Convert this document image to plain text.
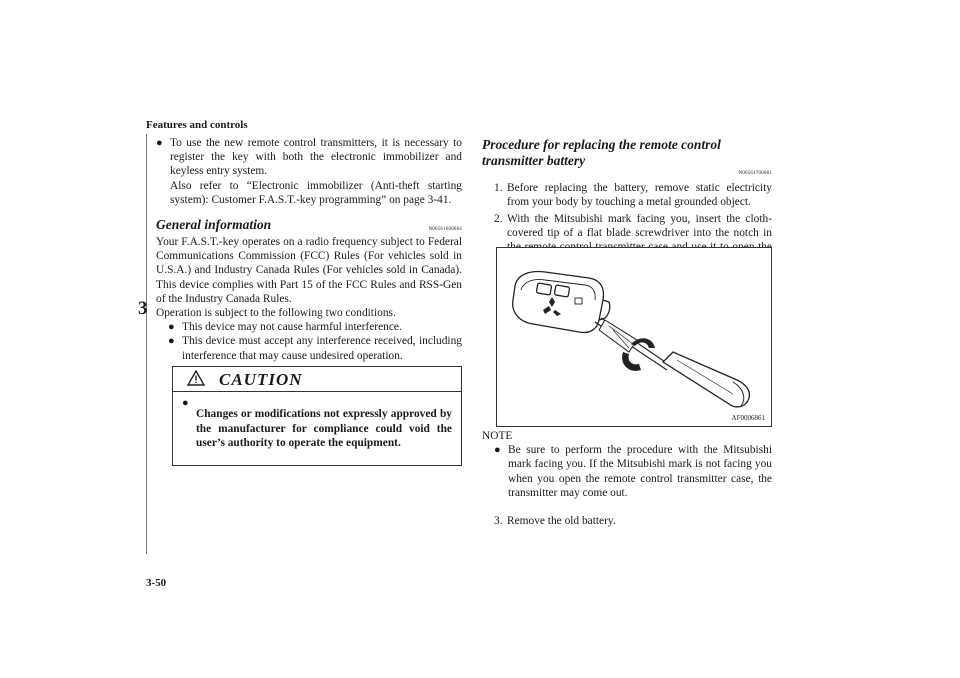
Features and controls
3
3-50
● To use the new remote control transmitters, it is necessary to register the key with both the electronic immobilizer and keyless entry system.

Also refer to “Electronic immobilizer (Anti-theft starting system): Customer F.A.S.T.-key programming” on page 3-41.

General information	N00561600064

Your F.A.S.T.-key operates on a radio frequency subject to Federal Communications Commission (FCC) Rules (For vehicles sold in U.S.A.) and Industry Canada Rules (For vehicles sold in Canada). This device complies with Part 15 of the FCC Rules and RSS-Gen of the Industry Canada Rules.

Operation is subject to the following two conditions.

● This device may not cause harmful interference.

● This device must accept any interference received, including interference that may cause undesired operation.

CAUTION
●

Changes or modifications not expressly approved by the manufacturer for compliance could void the user’s authority to operate the equipment.

Procedure for replacing the remote control transmitter battery
N00561700081
1. Before replacing the battery, remove static electricity from your body by touching a metal grounded object.

2. With the Mitsubishi mark facing you, insert the cloth-covered tip of a flat blade screwdriver into the notch in

AF0006861
NOTE
● Be sure to perform the procedure with the Mitsubishi mark facing you. If the Mitsubishi mark is not facing you when you open the remote control transmitter case, the transmitter may come out.

3. Remove the old battery.
